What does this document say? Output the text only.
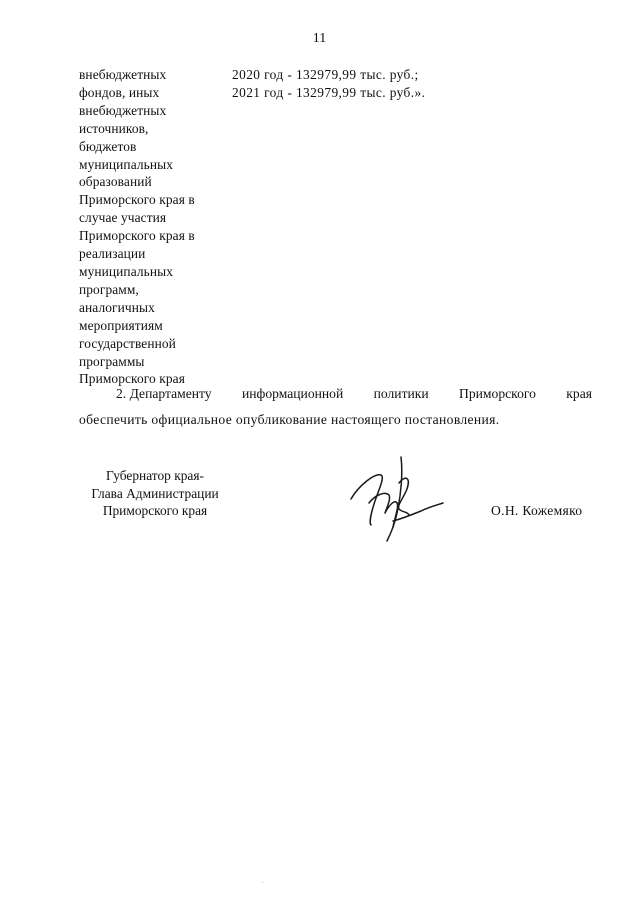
11
внебюджетных
фондов, иных
внебюджетных
источников,
бюджетов
муниципальных
образований
Приморского края в
случае участия
Приморского края в
реализации
муниципальных
программ,
аналогичных
мероприятиям
государственной
программы
Приморского края
2020 год - 132979,99 тыс. руб.;
2021 год - 132979,99 тыс. руб.».
2. Департаменту информационной политики Приморского края
обеспечить официальное опубликование настоящего постановления.
Губернатор края-
Глава Администрации
Приморского края	О.Н. Кожемяко
